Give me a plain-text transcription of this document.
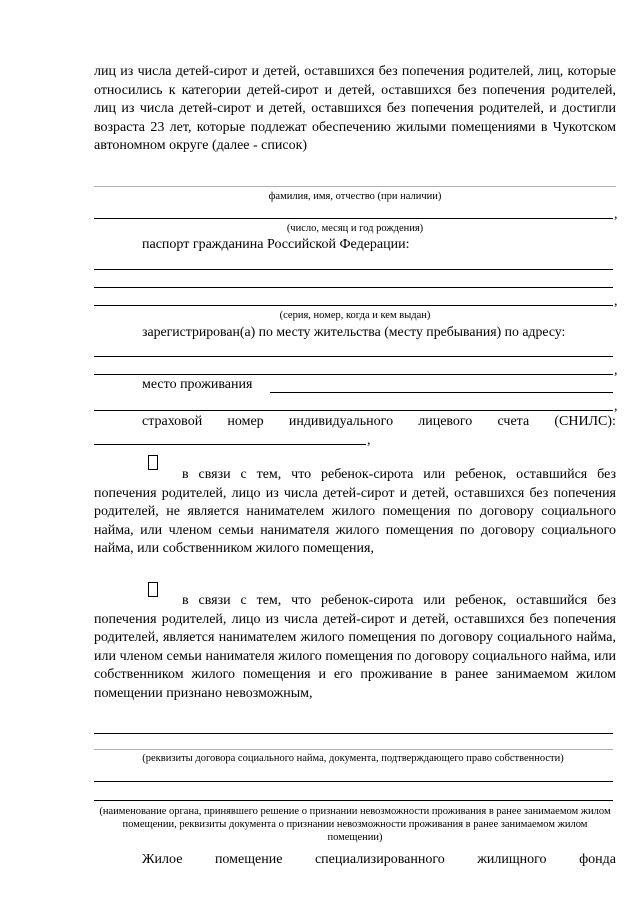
лиц из числа детей-сирот и детей, оставшихся без попечения родителей, лиц, которые относились к категории детей-сирот и детей, оставшихся без попечения родителей, лиц из числа детей-сирот и детей, оставшихся без попечения родителей, и достигли возраста 23 лет, которые подлежат обеспечению жилыми помещениями в Чукотском автономном округе (далее - список)
фамилия, имя, отчество (при наличии)
,
(число, месяц и год рождения)
паспорт гражданина Российской Федерации:
,
(серия, номер, когда и кем выдан)
зарегистрирован(а) по месту жительства (месту пребывания) по адресу:
,
место проживания
,
страховой номер индивидуального лицевого счета (СНИЛС):
,
в связи с тем, что ребенок-сирота или ребенок, оставшийся без попечения родителей, лицо из числа детей-сирот и детей, оставшихся без попечения родителей, не является нанимателем жилого помещения по договору социального найма, или членом семьи нанимателя жилого помещения по договору социального найма, или собственником жилого помещения,
в связи с тем, что ребенок-сирота или ребенок, оставшийся без попечения родителей, лицо из числа детей-сирот и детей, оставшихся без попечения родителей, является нанимателем жилого помещения по договору социального найма, или членом семьи нанимателя жилого помещения по договору социального найма, или собственником жилого помещения и его проживание в ранее занимаемом жилом помещении признано невозможным,
(реквизиты договора социального найма, документа, подтверждающего право собственности)
(наименование органа, принявшего решение о признании невозможности проживания в ранее занимаемом жилом помещении, реквизиты документа о признании невозможности проживания в ранее занимаемом жилом помещении)
Жилое помещение специализированного жилищного фонда
